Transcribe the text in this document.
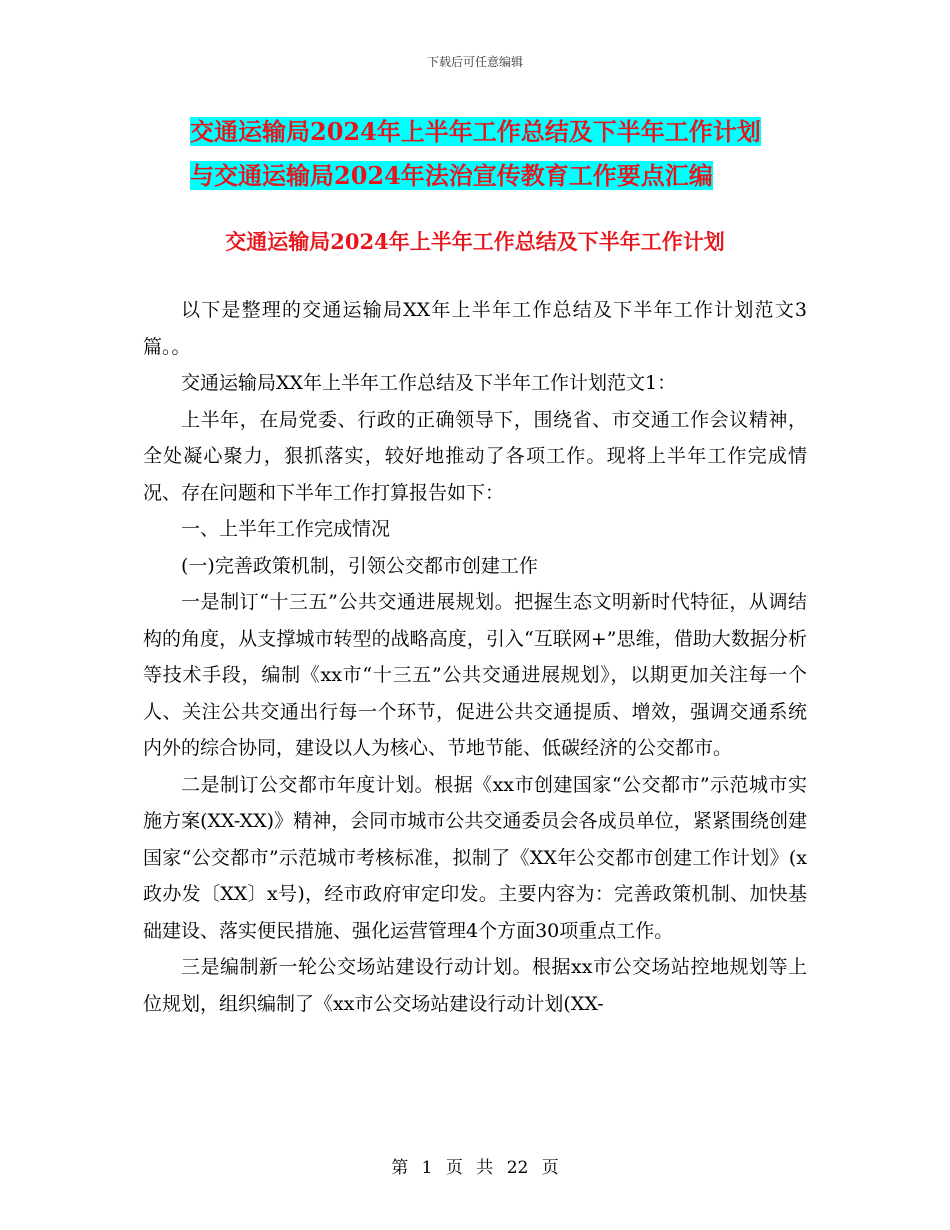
下载后可任意编辑
交通运输局2024年上半年工作总结及下半年工作计划
与交通运输局2024年法治宣传教育工作要点汇编
交通运输局2024年上半年工作总结及下半年工作计划

以下是整理的交通运输局XX年上半年工作总结及下半年工作计划范文3篇。。

交通运输局XX年上半年工作总结及下半年工作计划范文1：

上半年，在局党委、行政的正确领导下，围绕省、市交通工作会议精神，全处凝心聚力，狠抓落实，较好地推动了各项工作。现将上半年工作完成情况、存在问题和下半年工作打算报告如下：

一、上半年工作完成情况

(一)完善政策机制，引领公交都市创建工作

一是制订“十三五”公共交通进展规划。把握生态文明新时代特征，从调结构的角度，从支撑城市转型的战略高度，引入“互联网+”思维，借助大数据分析等技术手段，编制《xx市“十三五”公共交通进展规划》，以期更加关注每一个人、关注公共交通出行每一个环节，促进公共交通提质、增效，强调交通系统内外的综合协同，建设以人为核心、节地节能、低碳经济的公交都市。

二是制订公交都市年度计划。根据《xx市创建国家“公交都市”示范城市实施方案(XX-XX)》精神，会同市城市公共交通委员会各成员单位，紧紧围绕创建国家“公交都市”示范城市考核标准，拟制了《XX年公交都市创建工作计划》(x政办发〔XX〕x号)，经市政府审定印发。主要内容为：完善政策机制、加快基础建设、落实便民措施、强化运营管理4个方面30项重点工作。

三是编制新一轮公交场站建设行动计划。根据xx市公交场站控地规划等上位规划，组织编制了《xx市公交场站建设行动计划(XX-

第 1 页 共 22 页
